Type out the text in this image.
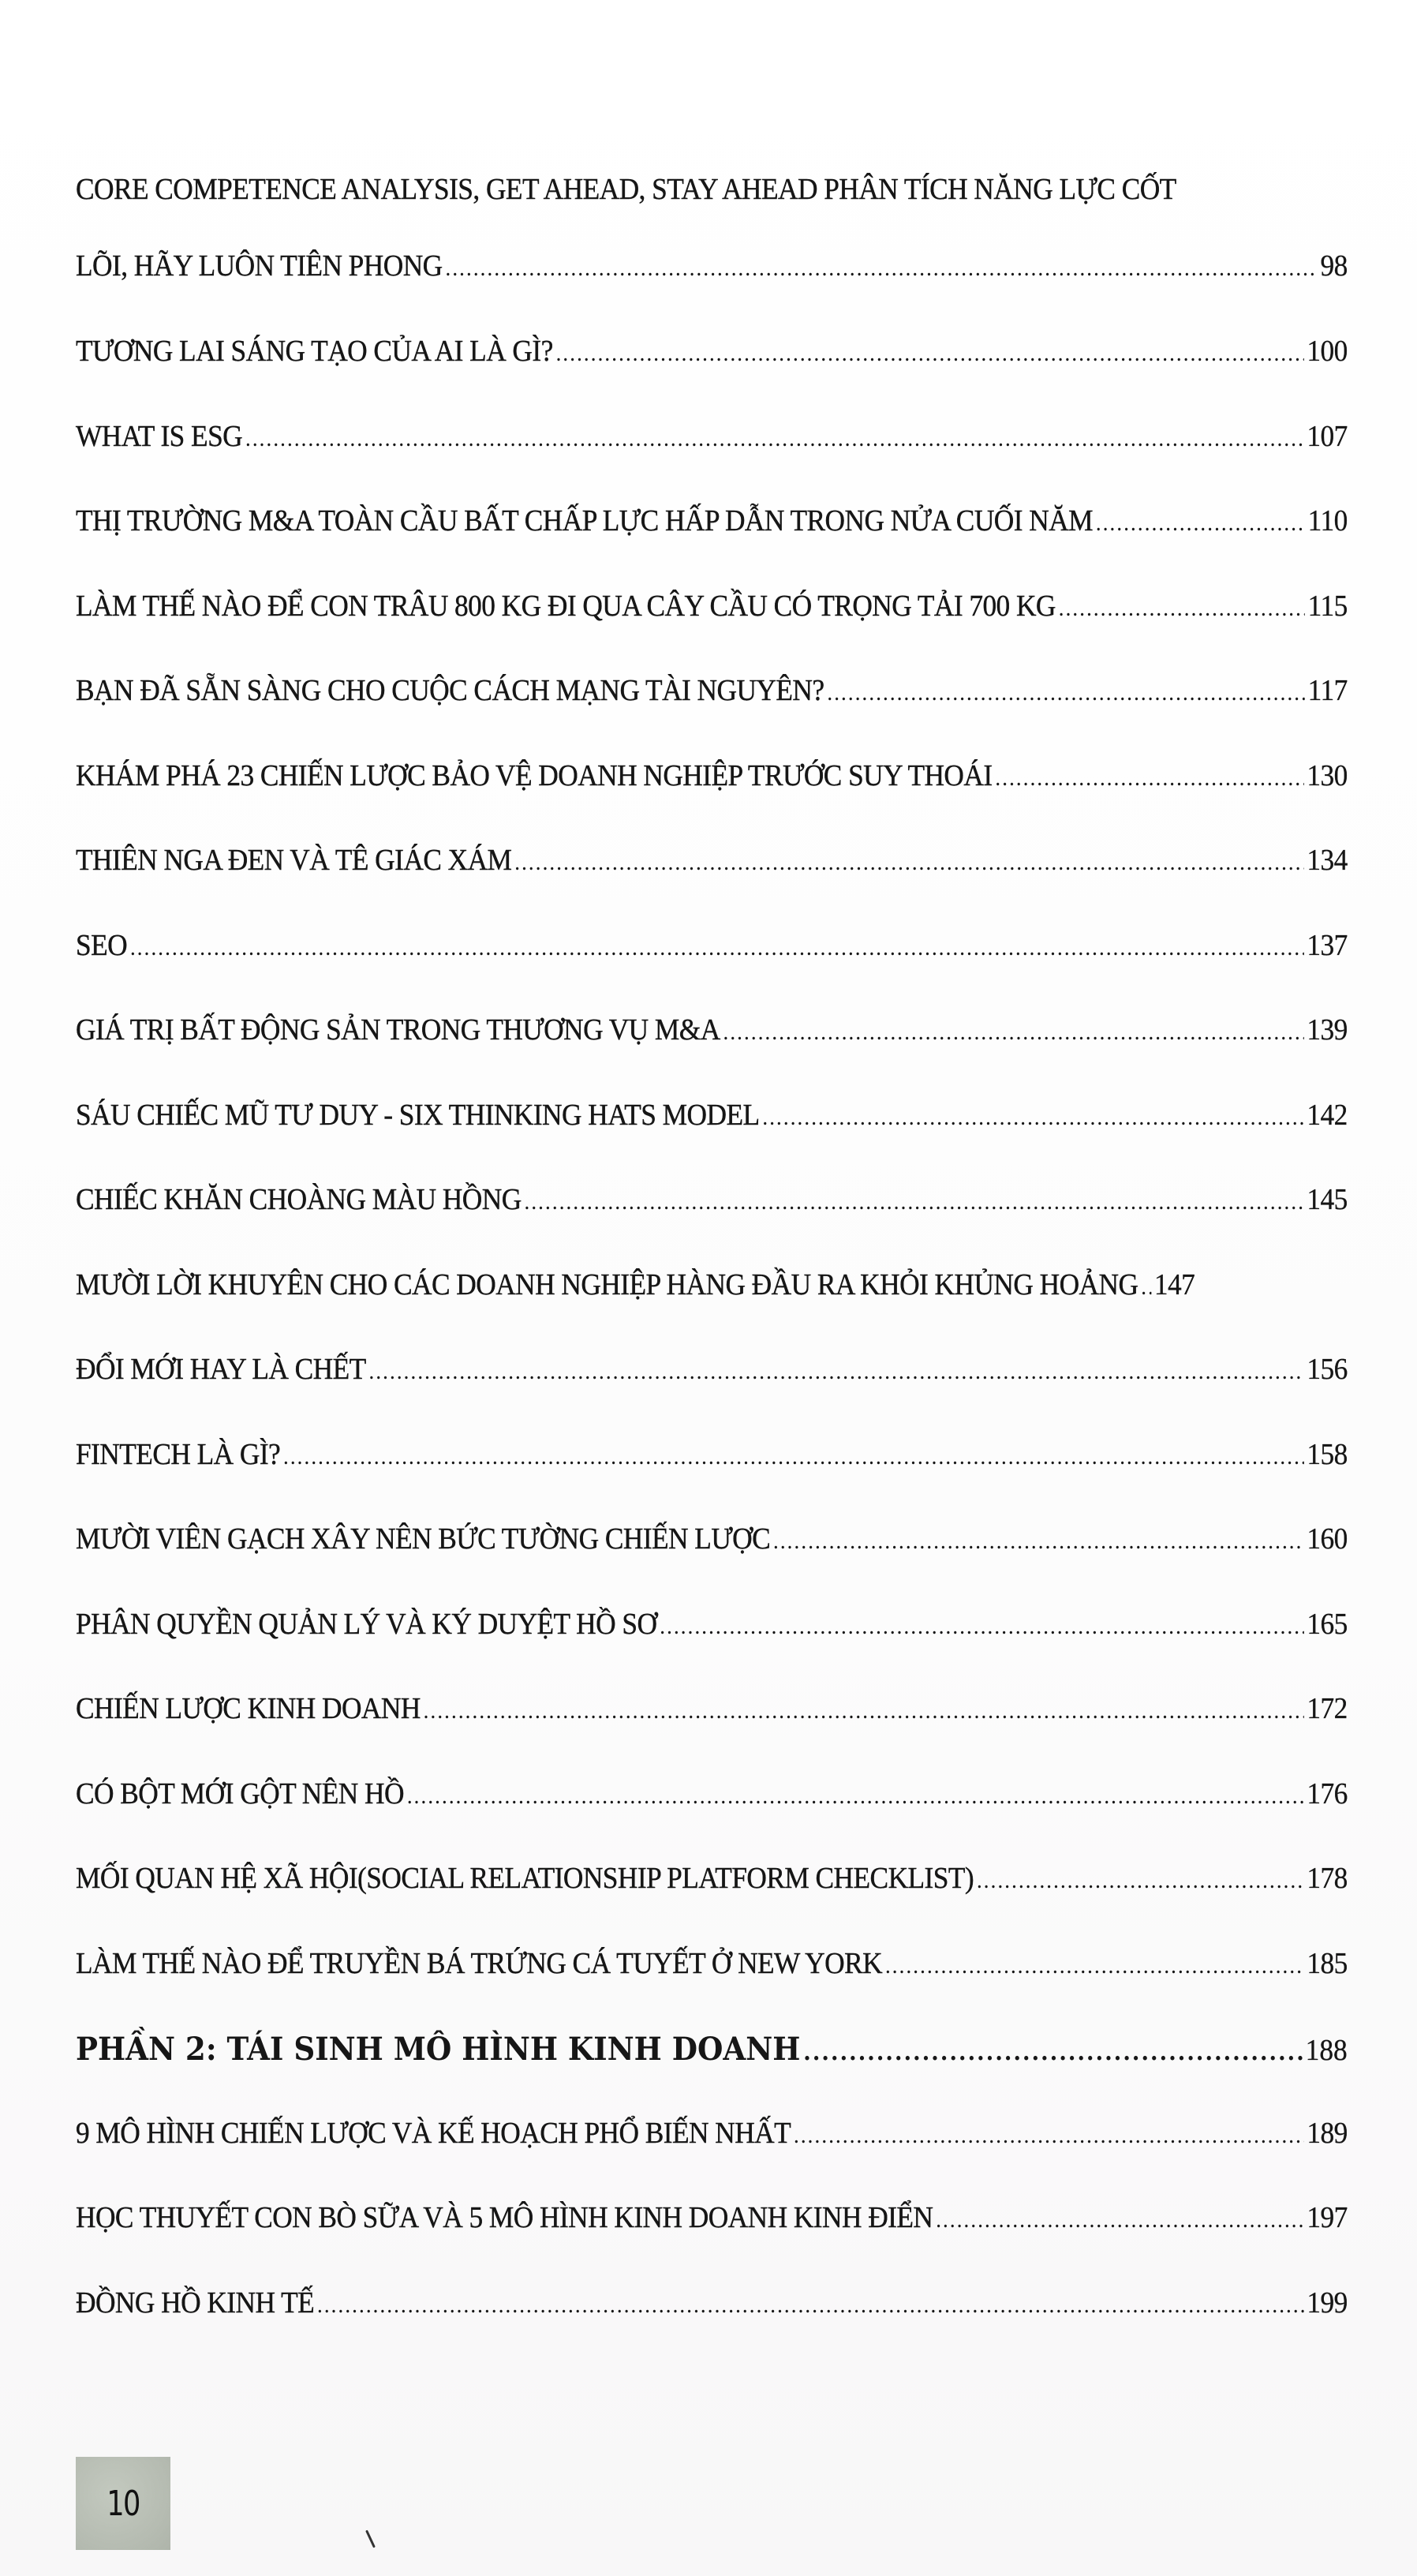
CORE COMPETENCE ANALYSIS, GET AHEAD, STAY AHEAD PHÂN TÍCH NĂNG LỰC CỐT
LÕI, HÃY LUÔN TIÊN PHONG .....	98
TƯƠNG LAI SÁNG TẠO CỦA AI LÀ GÌ? .....	100
WHAT IS ESG .....	107
THỊ TRƯỜNG M&A TOÀN CẦU BẤT CHẤP LỰC HẤP DẪN TRONG NỬA CUỐI NĂM .....	110
LÀM THẾ NÀO ĐỂ CON TRÂU 800 KG ĐI QUA CÂY CẦU CÓ TRỌNG TẢI 700 KG .....	115
BẠN ĐÃ SẴN SÀNG CHO CUỘC CÁCH MẠNG TÀI NGUYÊN? .....	117
KHÁM PHÁ 23 CHIẾN LƯỢC BẢO VỆ DOANH NGHIỆP TRƯỚC SUY THOÁI .....	130
THIÊN NGA ĐEN VÀ TÊ GIÁC XÁM .....	134
SEO .....	137
GIÁ TRỊ BẤT ĐỘNG SẢN TRONG THƯƠNG VỤ M&A .....	139
SÁU CHIẾC MŨ TƯ DUY - SIX THINKING HATS MODEL .....	142
CHIẾC KHĂN CHOÀNG MÀU HỒNG .....	145
MƯỜI LỜI KHUYÊN CHO CÁC DOANH NGHIỆP HÀNG ĐẦU RA KHỎI KHỦNG HOẢNG ..... 147
ĐỔI MỚI HAY LÀ CHẾT .....	156
FINTECH LÀ GÌ? .....	158
MƯỜI VIÊN GẠCH XÂY NÊN BỨC TƯỜNG CHIẾN LƯỢC .....	160
PHÂN QUYỀN QUẢN LÝ VÀ KÝ DUYỆT HỒ SƠ .....	165
CHIẾN LƯỢC KINH DOANH .....	172
CÓ BỘT MỚI GỘT NÊN HỒ .....	176
MỐI QUAN HỆ XÃ HỘI(SOCIAL RELATIONSHIP PLATFORM CHECKLIST) .....	178
LÀM THẾ NÀO ĐỂ TRUYỀN BÁ TRỨNG CÁ TUYẾT Ở NEW YORK .....	185
PHẦN 2: TÁI SINH MÔ HÌNH KINH DOANH .....	188
9 MÔ HÌNH CHIẾN LƯỢC VÀ KẾ HOẠCH PHỔ BIẾN NHẤT .....	189
HỌC THUYẾT CON BÒ SỮA VÀ 5 MÔ HÌNH KINH DOANH KINH ĐIỂN .....	197
ĐỒNG HỒ KINH TẾ .....	199
10
